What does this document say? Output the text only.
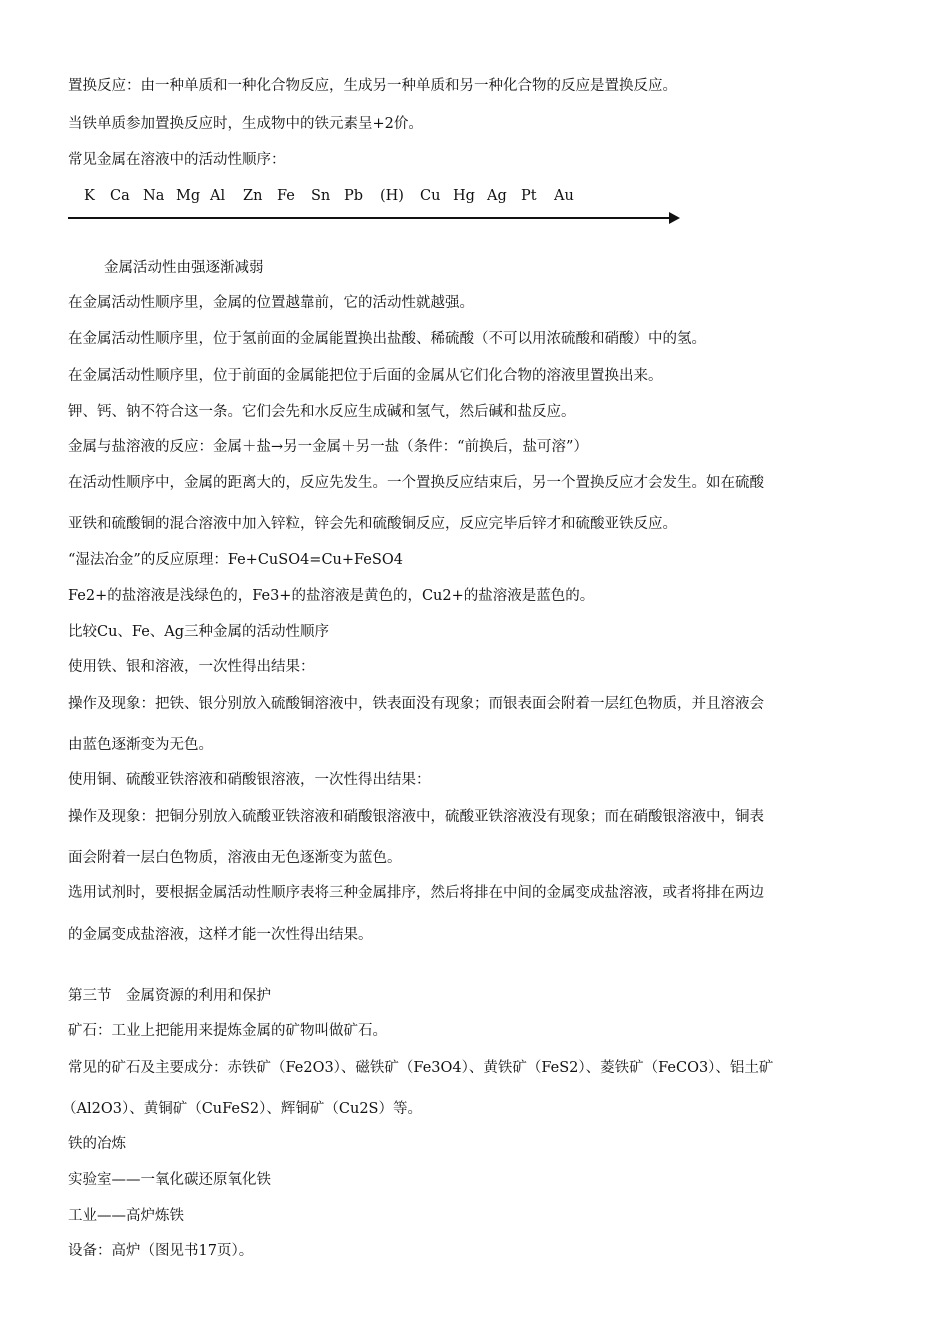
置换反应：由一种单质和一种化合物反应，生成另一种单质和另一种化合物的反应是置换反应。
当铁单质参加置换反应时，生成物中的铁元素呈+2价。
常见金属在溶液中的活动性顺序：
K Ca Na Mg Al Zn Fe Sn Pb (H) Cu Hg Ag Pt Au
金属活动性由强逐渐减弱
在金属活动性顺序里，金属的位置越靠前，它的活动性就越强。
在金属活动性顺序里，位于氢前面的金属能置换出盐酸、稀硫酸（不可以用浓硫酸和硝酸）中的氢。
在金属活动性顺序里，位于前面的金属能把位于后面的金属从它们化合物的溶液里置换出来。
钾、钙、钠不符合这一条。它们会先和水反应生成碱和氢气，然后碱和盐反应。
金属与盐溶液的反应：金属＋盐→另一金属＋另一盐（条件：“前换后，盐可溶”）
在活动性顺序中，金属的距离大的，反应先发生。一个置换反应结束后，另一个置换反应才会发生。如在硫酸
亚铁和硫酸铜的混合溶液中加入锌粒，锌会先和硫酸铜反应，反应完毕后锌才和硫酸亚铁反应。
“湿法冶金”的反应原理：Fe+CuSO4=Cu+FeSO4
Fe2+的盐溶液是浅绿色的，Fe3+的盐溶液是黄色的，Cu2+的盐溶液是蓝色的。
比较Cu、Fe、Ag三种金属的活动性顺序
使用铁、银和溶液，一次性得出结果：
操作及现象：把铁、银分别放入硫酸铜溶液中，铁表面没有现象；而银表面会附着一层红色物质，并且溶液会
由蓝色逐渐变为无色。
使用铜、硫酸亚铁溶液和硝酸银溶液，一次性得出结果：
操作及现象：把铜分别放入硫酸亚铁溶液和硝酸银溶液中，硫酸亚铁溶液没有现象；而在硝酸银溶液中，铜表
面会附着一层白色物质，溶液由无色逐渐变为蓝色。
选用试剂时，要根据金属活动性顺序表将三种金属排序，然后将排在中间的金属变成盐溶液，或者将排在两边
的金属变成盐溶液，这样才能一次性得出结果。
第三节　金属资源的利用和保护
矿石：工业上把能用来提炼金属的矿物叫做矿石。
常见的矿石及主要成分：赤铁矿（Fe2O3）、磁铁矿（Fe3O4）、黄铁矿（FeS2）、菱铁矿（FeCO3）、铝土矿
（Al2O3）、黄铜矿（CuFeS2）、辉铜矿（Cu2S）等。
铁的冶炼
实验室——一氧化碳还原氧化铁
工业——高炉炼铁
设备：高炉（图见书17页）。
